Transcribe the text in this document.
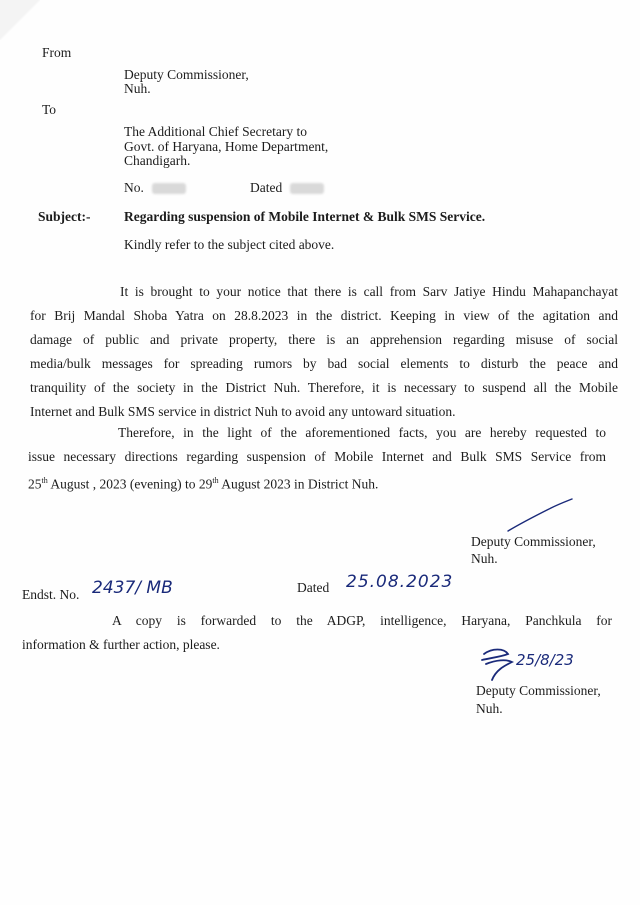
From
Deputy Commissioner,
Nuh.
To
The Additional Chief Secretary to
Govt. of Haryana, Home Department,
Chandigarh.
No.	Dated
Subject:- Regarding suspension of Mobile Internet & Bulk SMS Service.
Kindly refer to the subject cited above.
It is brought to your notice that there is call from Sarv Jatiye Hindu Mahapanchayat
for Brij Mandal Shoba Yatra on 28.8.2023 in the district. Keeping in view of the agitation and
damage of public and private property, there is an apprehension regarding misuse of social
media/bulk messages for spreading rumors by bad social elements to disturb the peace and
tranquility of the society in the District Nuh. Therefore, it is necessary to suspend all the Mobile
Internet and Bulk SMS service in district Nuh to avoid any untoward situation.
Therefore, in the light of the aforementioned facts, you are hereby requested to
issue necessary directions regarding suspension of Mobile Internet and Bulk SMS Service from
25th August , 2023 (evening) to 29th August 2023 in District Nuh.
Deputy Commissioner,
Nuh.
Endst. No. 2437/ MB	Dated 25.08.2023
A copy is forwarded to the ADGP, intelligence, Haryana, Panchkula for
information & further action, please.
25/8/23
Deputy Commissioner,
Nuh.
